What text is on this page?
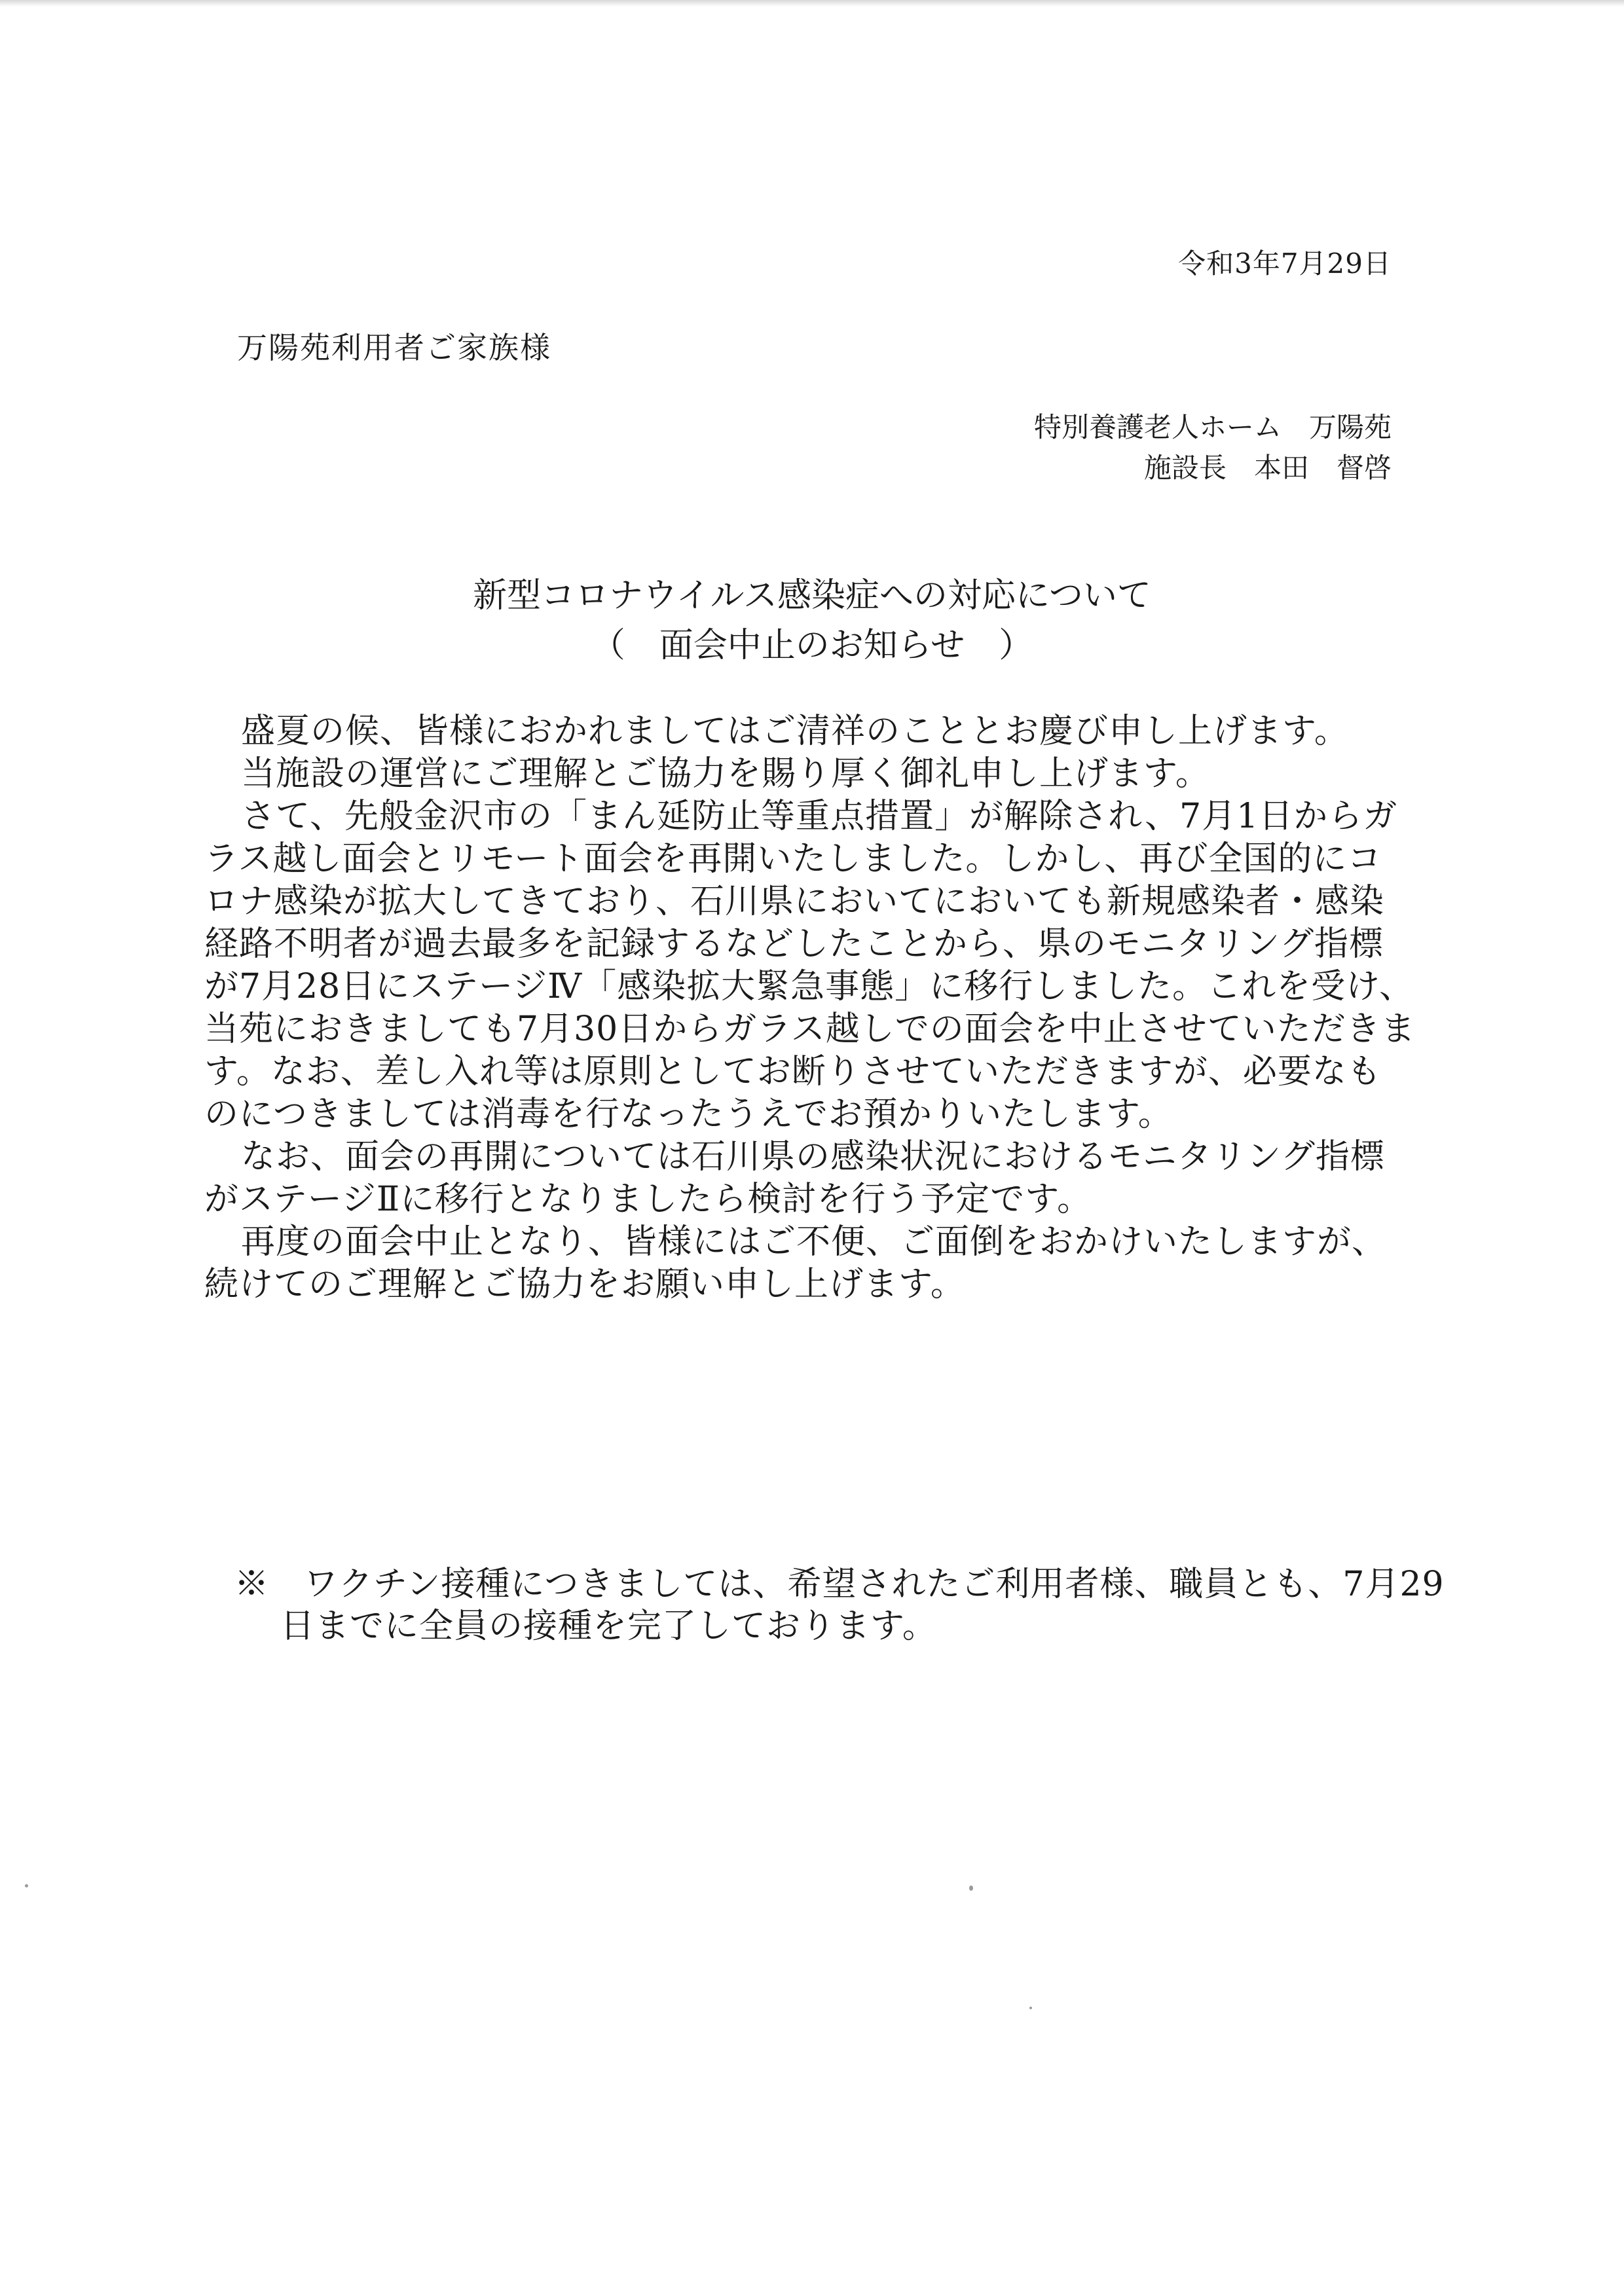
令和3年7月29日
万陽苑利用者ご家族様
特別養護老人ホーム　万陽苑
施設長　本田　督啓
新型コロナウイルス感染症への対応について
（　面会中止のお知らせ　）

盛夏の候、皆様におかれましてはご清祥のこととお慶び申し上げます。

当施設の運営にご理解とご協力を賜り厚く御礼申し上げます。

さて、先般金沢市の「まん延防止等重点措置」が解除され、7月1日からガラス越し面会とリモート面会を再開いたしました。しかし、再び全国的にコロナ感染が拡大してきており、石川県においてにおいても新規感染者・感染経路不明者が過去最多を記録するなどしたことから、県のモニタリング指標が7月28日にステージⅣ「感染拡大緊急事態」に移行しました。これを受け、当苑におきましても7月30日からガラス越しでの面会を中止させていただきます。なお、差し入れ等は原則としてお断りさせていただきますが、必要なものにつきましては消毒を行なったうえでお預かりいたします。

なお、面会の再開については石川県の感染状況におけるモニタリング指標がステージⅡに移行となりましたら検討を行う予定です。

再度の面会中止となり、皆様にはご不便、ご面倒をおかけいたしますが、続けてのご理解とご協力をお願い申し上げます。

※　ワクチン接種につきましては、希望されたご利用者様、職員とも、7月29日までに全員の接種を完了しております。
